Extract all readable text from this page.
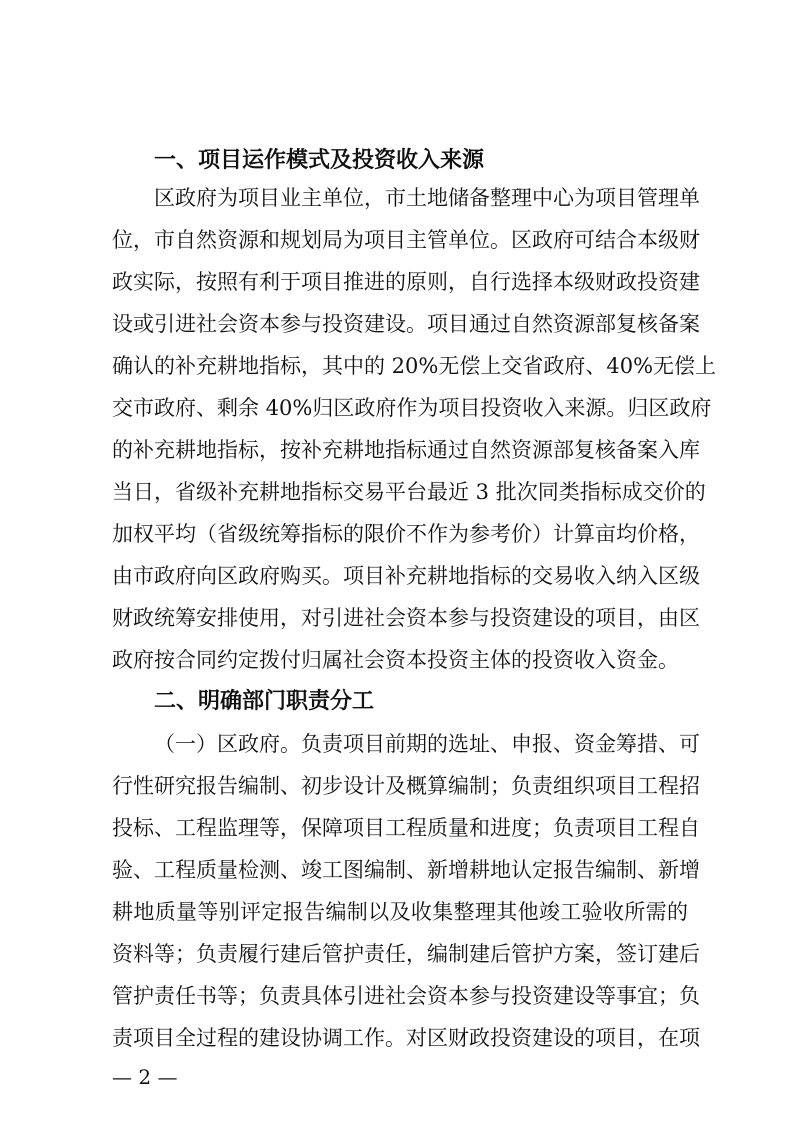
一、项目运作模式及投资收入来源
区政府为项目业主单位，市土地储备整理中心为项目管理单
位，市自然资源和规划局为项目主管单位。区政府可结合本级财
政实际，按照有利于项目推进的原则，自行选择本级财政投资建
设或引进社会资本参与投资建设。项目通过自然资源部复核备案
确认的补充耕地指标，其中的 20%无偿上交省政府、40%无偿上
交市政府、剩余 40%归区政府作为项目投资收入来源。归区政府
的补充耕地指标，按补充耕地指标通过自然资源部复核备案入库
当日，省级补充耕地指标交易平台最近 3 批次同类指标成交价的
加权平均（省级统筹指标的限价不作为参考价）计算亩均价格，
由市政府向区政府购买。项目补充耕地指标的交易收入纳入区级
财政统筹安排使用，对引进社会资本参与投资建设的项目，由区
政府按合同约定拨付归属社会资本投资主体的投资收入资金。
二、明确部门职责分工
（一）区政府。负责项目前期的选址、申报、资金筹措、可
行性研究报告编制、初步设计及概算编制；负责组织项目工程招
投标、工程监理等，保障项目工程质量和进度；负责项目工程自
验、工程质量检测、竣工图编制、新增耕地认定报告编制、新增
耕地质量等别评定报告编制以及收集整理其他竣工验收所需的
资料等；负责履行建后管护责任，编制建后管护方案，签订建后
管护责任书等；负责具体引进社会资本参与投资建设等事宜；负
责项目全过程的建设协调工作。对区财政投资建设的项目，在项
— 2 —
